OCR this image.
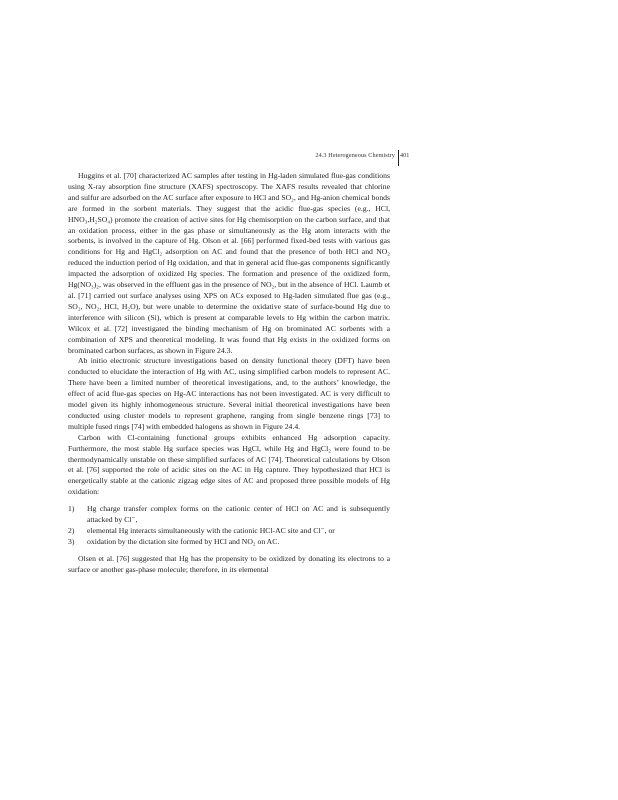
24.3 Heterogeneous Chemistry 401

Huggins et al. [70] characterized AC samples after testing in Hg-laden simulated flue-gas conditions using X-ray absorption fine structure (XAFS) spectroscopy. The XAFS results revealed that chlorine and sulfur are adsorbed on the AC surface after exposure to HCl and SO₂, and Hg-anion chemical bonds are formed in the sorbent materials. They suggest that the acidic flue-gas species (e.g., HCl, HNO₃,H₂SO₄) promote the creation of active sites for Hg chemisorption on the carbon surface, and that an oxidation process, either in the gas phase or simultaneously as the Hg atom interacts with the sorbents, is involved in the capture of Hg. Olson et al. [66] performed fixed-bed tests with various gas conditions for Hg and HgCl₂ adsorption on AC and found that the presence of both HCl and NO₂ reduced the induction period of Hg oxidation, and that in general acid flue-gas components significantly impacted the adsorption of oxidized Hg species. The formation and presence of the oxidized form, Hg(NO₃)₂, was observed in the effluent gas in the presence of NO₂, but in the absence of HCl. Laumb et al. [71] carried out surface analyses using XPS on ACs exposed to Hg-laden simulated flue gas (e.g., SO₂, NO₂, HCl, H₂O), but were unable to determine the oxidative state of surface-bound Hg due to interference with silicon (Si), which is present at comparable levels to Hg within the carbon matrix. Wilcox et al. [72] investigated the binding mechanism of Hg on brominated AC sorbents with a combination of XPS and theoretical modeling. It was found that Hg exists in the oxidized forms on brominated carbon surfaces, as shown in Figure 24.3.

Ab initio electronic structure investigations based on density functional theory (DFT) have been conducted to elucidate the interaction of Hg with AC, using simplified carbon models to represent AC. There have been a limited number of theoretical investigations, and, to the authors’ knowledge, the effect of acid flue-gas species on Hg-AC interactions has not been investigated. AC is very difficult to model given its highly inhomogeneous structure. Several initial theoretical investigations have been conducted using cluster models to represent graphene, ranging from single benzene rings [73] to multiple fused rings [74] with embedded halogens as shown in Figure 24.4.

Carbon with Cl-containing functional groups exhibits enhanced Hg adsorption capacity. Furthermore, the most stable Hg surface species was HgCl, while Hg and HgCl₂ were found to be thermodynamically unstable on these simplified surfaces of AC [74]. Theoretical calculations by Olson et al. [76] supported the role of acidic sites on the AC in Hg capture. They hypothesized that HCl is energetically stable at the cationic zigzag edge sites of AC and proposed three possible models of Hg oxidation:

1) Hg charge transfer complex forms on the cationic center of HCl on AC and is subsequently attacked by Cl⁻,
2) elemental Hg interacts simultaneously with the cationic HCl-AC site and Cl⁻, or
3) oxidation by the dictation site formed by HCl and NO₂ on AC.

Olsen et al. [76] suggested that Hg has the propensity to be oxidized by donating its electrons to a surface or another gas-phase molecule; therefore, in its elemental
